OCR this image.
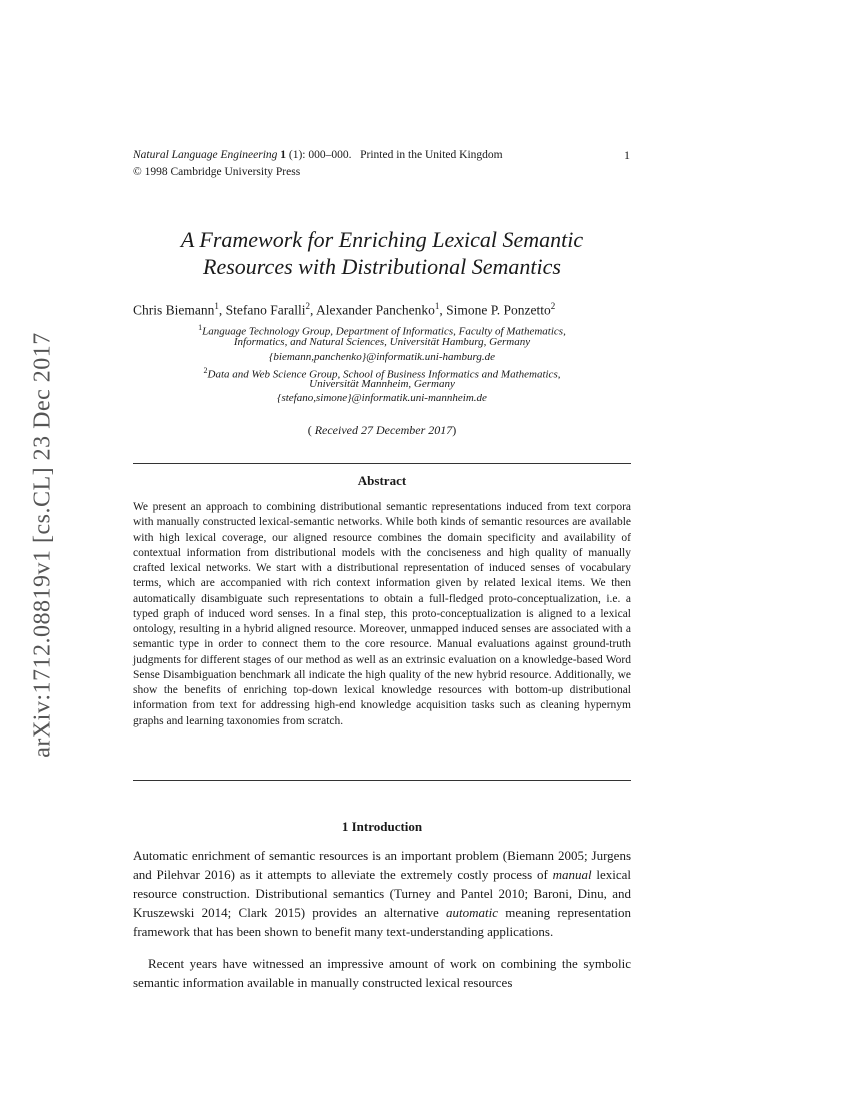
arXiv:1712.08819v1 [cs.CL] 23 Dec 2017
Natural Language Engineering 1 (1): 000–000. Printed in the United Kingdom	1
© 1998 Cambridge University Press
A Framework for Enriching Lexical Semantic
Resources with Distributional Semantics
Chris Biemann$^1$, Stefano Faralli$^2$, Alexander Panchenko$^1$, Simone P. Ponzetto$^2$
$^1$Language Technology Group, Department of Informatics, Faculty of Mathematics,
Informatics, and Natural Sciences, Universität Hamburg, Germany
{biemann,panchenko}@informatik.uni-hamburg.de
$^2$Data and Web Science Group, School of Business Informatics and Mathematics,
Universität Mannheim, Germany
{stefano,simone}@informatik.uni-mannheim.de
( Received 27 December 2017)
Abstract
We present an approach to combining distributional semantic representations induced from text corpora with manually constructed lexical-semantic networks. While both kinds of semantic resources are available with high lexical coverage, our aligned resource combines the domain specificity and availability of contextual information from distributional models with the conciseness and high quality of manually crafted lexical networks. We start with a distributional representation of induced senses of vocabulary terms, which are accompanied with rich context information given by related lexical items. We then automatically disambiguate such representations to obtain a full-fledged proto-conceptualization, i.e. a typed graph of induced word senses. In a final step, this proto-conceptualization is aligned to a lexical ontology, resulting in a hybrid aligned resource. Moreover, unmapped induced senses are associated with a semantic type in order to connect them to the core resource. Manual evaluations against ground-truth judgments for different stages of our method as well as an extrinsic evaluation on a knowledge-based Word Sense Disambiguation benchmark all indicate the high quality of the new hybrid resource. Additionally, we show the benefits of enriching top-down lexical knowledge resources with bottom-up distributional information from text for addressing high-end knowledge acquisition tasks such as cleaning hypernym graphs and learning taxonomies from scratch.
1 Introduction
Automatic enrichment of semantic resources is an important problem (Biemann 2005; Jurgens and Pilehvar 2016) as it attempts to alleviate the extremely costly process of manual lexical resource construction. Distributional semantics (Turney and Pantel 2010; Baroni, Dinu, and Kruszewski 2014; Clark 2015) provides an alternative automatic meaning representation framework that has been shown to benefit many text-understanding applications.
Recent years have witnessed an impressive amount of work on combining the symbolic semantic information available in manually constructed lexical resources
